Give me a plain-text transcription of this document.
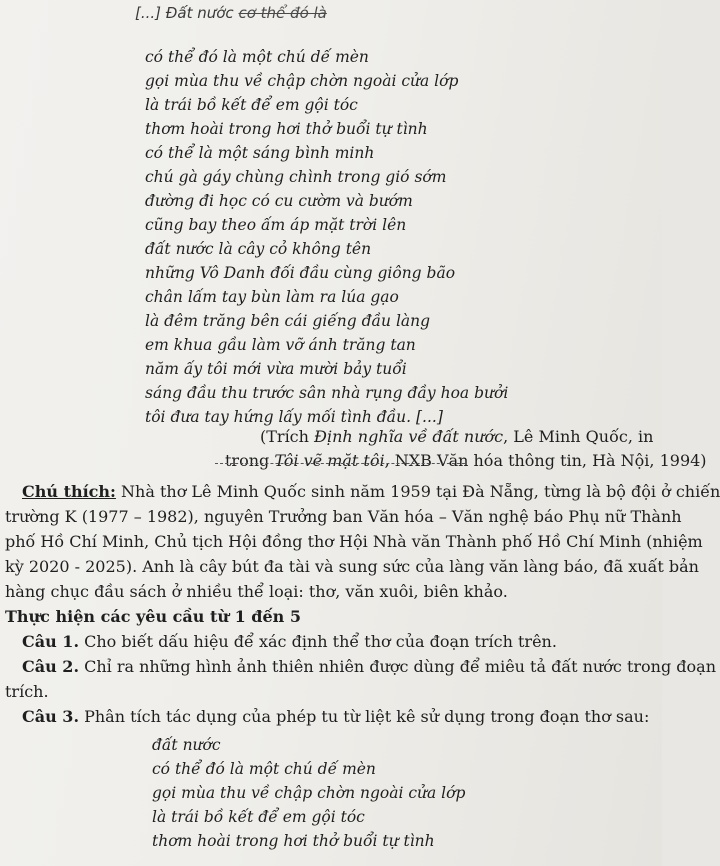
[...] Đất nước cơ thể đó là
có thể đó là một chú dế mèn
gọi mùa thu về chập chờn ngoài cửa lớp
là trái bồ kết để em gội tóc
thơm hoài trong hơi thở buổi tự tình
có thể là một sáng bình minh
chú gà gáy chùng chình trong gió sớm
đường đi học có cu cườm và bướm
cũng bay theo ấm áp mặt trời lên
đất nước là cây cỏ không tên
những Vô Danh đối đầu cùng giông bão
chân lấm tay bùn làm ra lúa gạo
là đêm trăng bên cái giếng đầu làng
em khua gầu làm vỡ ánh trăng tan
năm ấy tôi mới vừa mười bảy tuổi
sáng đầu thu trước sân nhà rụng đầy hoa bưởi
tôi đưa tay hứng lấy mối tình đầu. [...]
(Trích Định nghĩa về đất nước, Lê Minh Quốc, in
trong Tôi vẽ mặt tôi, NXB Văn hóa thông tin, Hà Nội, 1994)
Chú thích: Nhà thơ Lê Minh Quốc sinh năm 1959 tại Đà Nẵng, từng là bộ đội ở chiến
trường K (1977 – 1982), nguyên Trưởng ban Văn hóa – Văn nghệ báo Phụ nữ Thành
phố Hồ Chí Minh, Chủ tịch Hội đồng thơ Hội Nhà văn Thành phố Hồ Chí Minh (nhiệm
kỳ 2020 - 2025). Anh là cây bút đa tài và sung sức của làng văn làng báo, đã xuất bản
hàng chục đầu sách ở nhiều thể loại: thơ, văn xuôi, biên khảo.
Thực hiện các yêu cầu từ 1 đến 5
Câu 1. Cho biết dấu hiệu để xác định thể thơ của đoạn trích trên.
Câu 2. Chỉ ra những hình ảnh thiên nhiên được dùng để miêu tả đất nước trong đoạn
trích.
Câu 3. Phân tích tác dụng của phép tu từ liệt kê sử dụng trong đoạn thơ sau:
đất nước
có thể đó là một chú dế mèn
gọi mùa thu về chập chờn ngoài cửa lớp
là trái bồ kết để em gội tóc
thơm hoài trong hơi thở buổi tự tình
